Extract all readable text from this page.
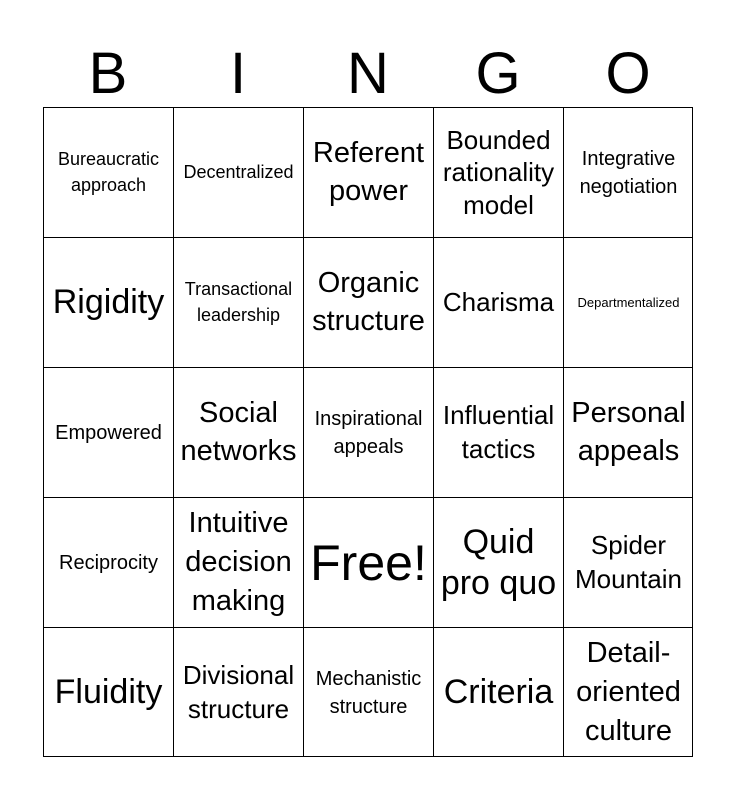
B	I	N	G	O
Bureaucratic approach
Decentralized
Referent power
Bounded rationality model
Integrative negotiation
Rigidity	Transactional leadership
Organic structure
Charisma	Departmentalized
Empowered
Social networks
Inspirational appeals
Influential tactics
Personal appeals
Reciprocity
Intuitive decision making
Free!	Quid pro quo
Spider Mountain
Fluidity Divisional structure
Mechanistic structure	Criteria
Detail-oriented culture
